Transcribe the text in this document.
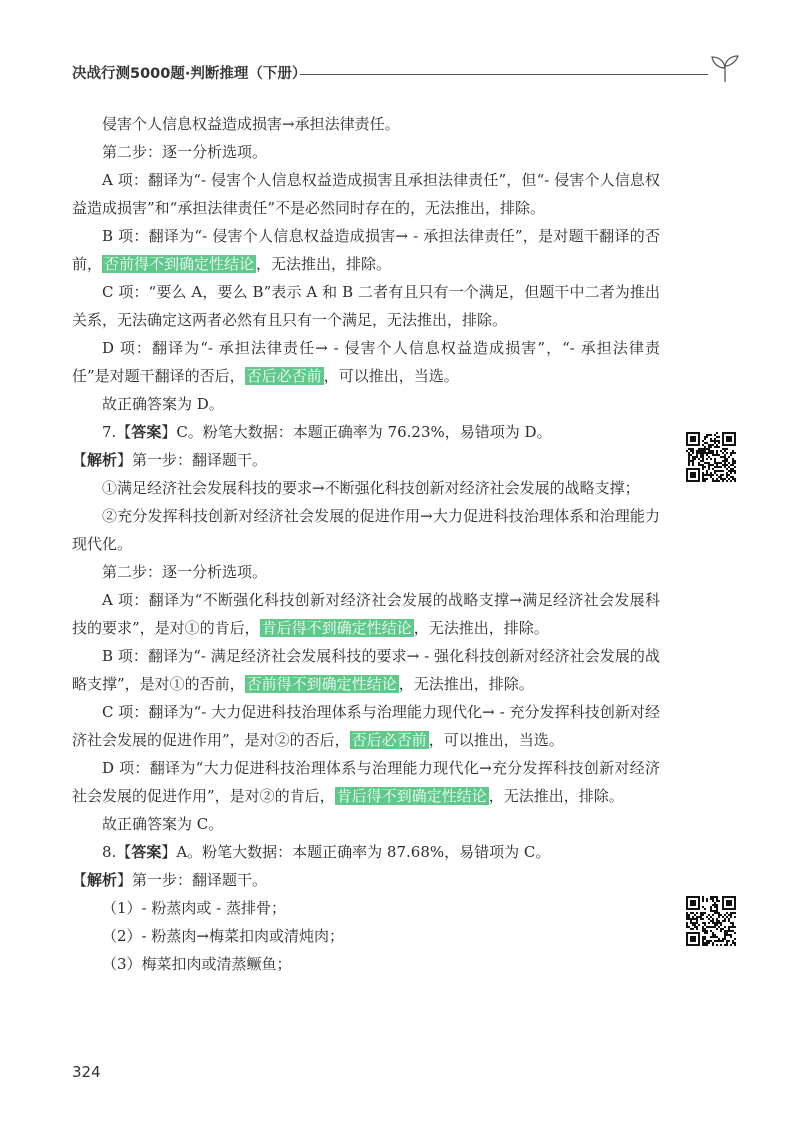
决战行测5000题·判断推理（下册）

侵害个人信息权益造成损害→承担法律责任。

第二步：逐一分析选项。

A 项：翻译为“- 侵害个人信息权益造成损害且承担法律责任”，但“- 侵害个人信息权益造成损害”和“承担法律责任”不是必然同时存在的，无法推出，排除。

B 项：翻译为“- 侵害个人信息权益造成损害→ - 承担法律责任”，是对题干翻译的否前， 否前得不到确定性结论 ，无法推出，排除。

C 项：“要么 A，要么 B”表示 A 和 B 二者有且只有一个满足，但题干中二者为推出关系，无法确定这两者必然有且只有一个满足，无法推出，排除。

D 项：翻译为“- 承担法律责任→ - 侵害个人信息权益造成损害”，“- 承担法律责任”是对题干翻译的否后， 否后必否前 ，可以推出，当选。

故正确答案为 D。

7.【答案】C。粉笔大数据：本题正确率为 76.23%，易错项为 D。

【解析】第一步：翻译题干。

①满足经济社会发展科技的要求→不断强化科技创新对经济社会发展的战略支撑；

②充分发挥科技创新对经济社会发展的促进作用→大力促进科技治理体系和治理能力现代化。

第二步：逐一分析选项。

A 项：翻译为“不断强化科技创新对经济社会发展的战略支撑→满足经济社会发展科技的要求”，是对①的肯后， 肯后得不到确定性结论 ，无法推出，排除。

B 项：翻译为“- 满足经济社会发展科技的要求→ - 强化科技创新对经济社会发展的战略支撑”，是对①的否前， 否前得不到确定性结论 ，无法推出，排除。

C 项：翻译为“- 大力促进科技治理体系与治理能力现代化→ - 充分发挥科技创新对经济社会发展的促进作用”，是对②的否后， 否后必否前 ，可以推出，当选。

D 项：翻译为“大力促进科技治理体系与治理能力现代化→充分发挥科技创新对经济社会发展的促进作用”，是对②的肯后， 肯后得不到确定性结论 ，无法推出，排除。

故正确答案为 C。

8.【答案】A。粉笔大数据：本题正确率为 87.68%，易错项为 C。

【解析】第一步：翻译题干。

（1）- 粉蒸肉或 - 蒸排骨；

（2）- 粉蒸肉→梅菜扣肉或清炖肉；

（3）梅菜扣肉或清蒸鳜鱼；

324
